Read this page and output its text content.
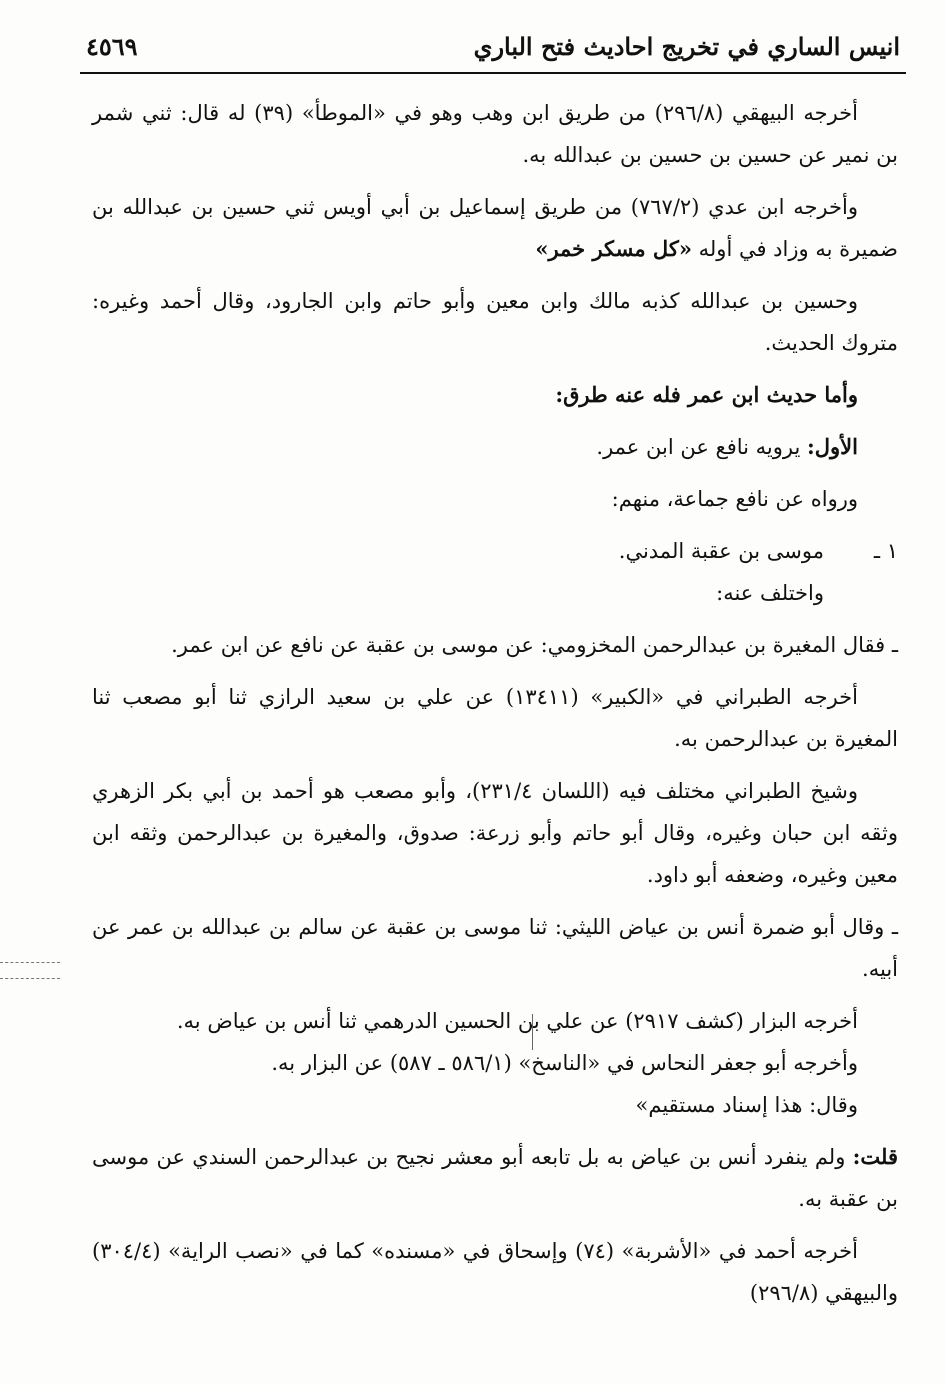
انيس الساري في تخريج احاديث فتح الباري
٤٥٦٩

أخرجه البيهقي (٢٩٦/٨) من طريق ابن وهب وهو في «الموطأ» (٣٩) له قال: ثني شمر بن نمير عن حسين بن حسين بن عبدالله به.

وأخرجه ابن عدي (٧٦٧/٢) من طريق إسماعيل بن أبي أويس ثني حسين بن عبدالله بن ضميرة به وزاد في أوله «كل مسكر خمر»

وحسين بن عبدالله كذبه مالك وابن معين وأبو حاتم وابن الجارود، وقال أحمد وغيره: متروك الحديث.

وأما حديث ابن عمر فله عنه طرق:

الأول: يرويه نافع عن ابن عمر.

ورواه عن نافع جماعة، منهم:

١ ـ
موسى بن عقبة المدني.

واختلف عنه:

ـ فقال المغيرة بن عبدالرحمن المخزومي: عن موسى بن عقبة عن نافع عن ابن عمر.

أخرجه الطبراني في «الكبير» (١٣٤١١) عن علي بن سعيد الرازي ثنا أبو مصعب ثنا المغيرة بن عبدالرحمن به.

وشيخ الطبراني مختلف فيه (اللسان ٢٣١/٤)، وأبو مصعب هو أحمد بن أبي بكر الزهري وثقه ابن حبان وغيره، وقال أبو حاتم وأبو زرعة: صدوق، والمغيرة بن عبدالرحمن وثقه ابن معين وغيره، وضعفه أبو داود.

ـ وقال أبو ضمرة أنس بن عياض الليثي: ثنا موسى بن عقبة عن سالم بن عبدالله بن عمر عن أبيه.

أخرجه البزار (كشف ٢٩١٧) عن علي بن الحسين الدرهمي ثنا أنس بن عياض به.

وأخرجه أبو جعفر النحاس في «الناسخ» (٥٨٦/١ ـ ٥٨٧) عن البزار به.

وقال: هذا إسناد مستقيم»

قلت: ولم ينفرد أنس بن عياض به بل تابعه أبو معشر نجيح بن عبدالرحمن السندي عن موسى بن عقبة به.

أخرجه أحمد في «الأشربة» (٧٤) وإسحاق في «مسنده» كما في «نصب الراية» (٣٠٤/٤) والبيهقي (٢٩٦/٨)
